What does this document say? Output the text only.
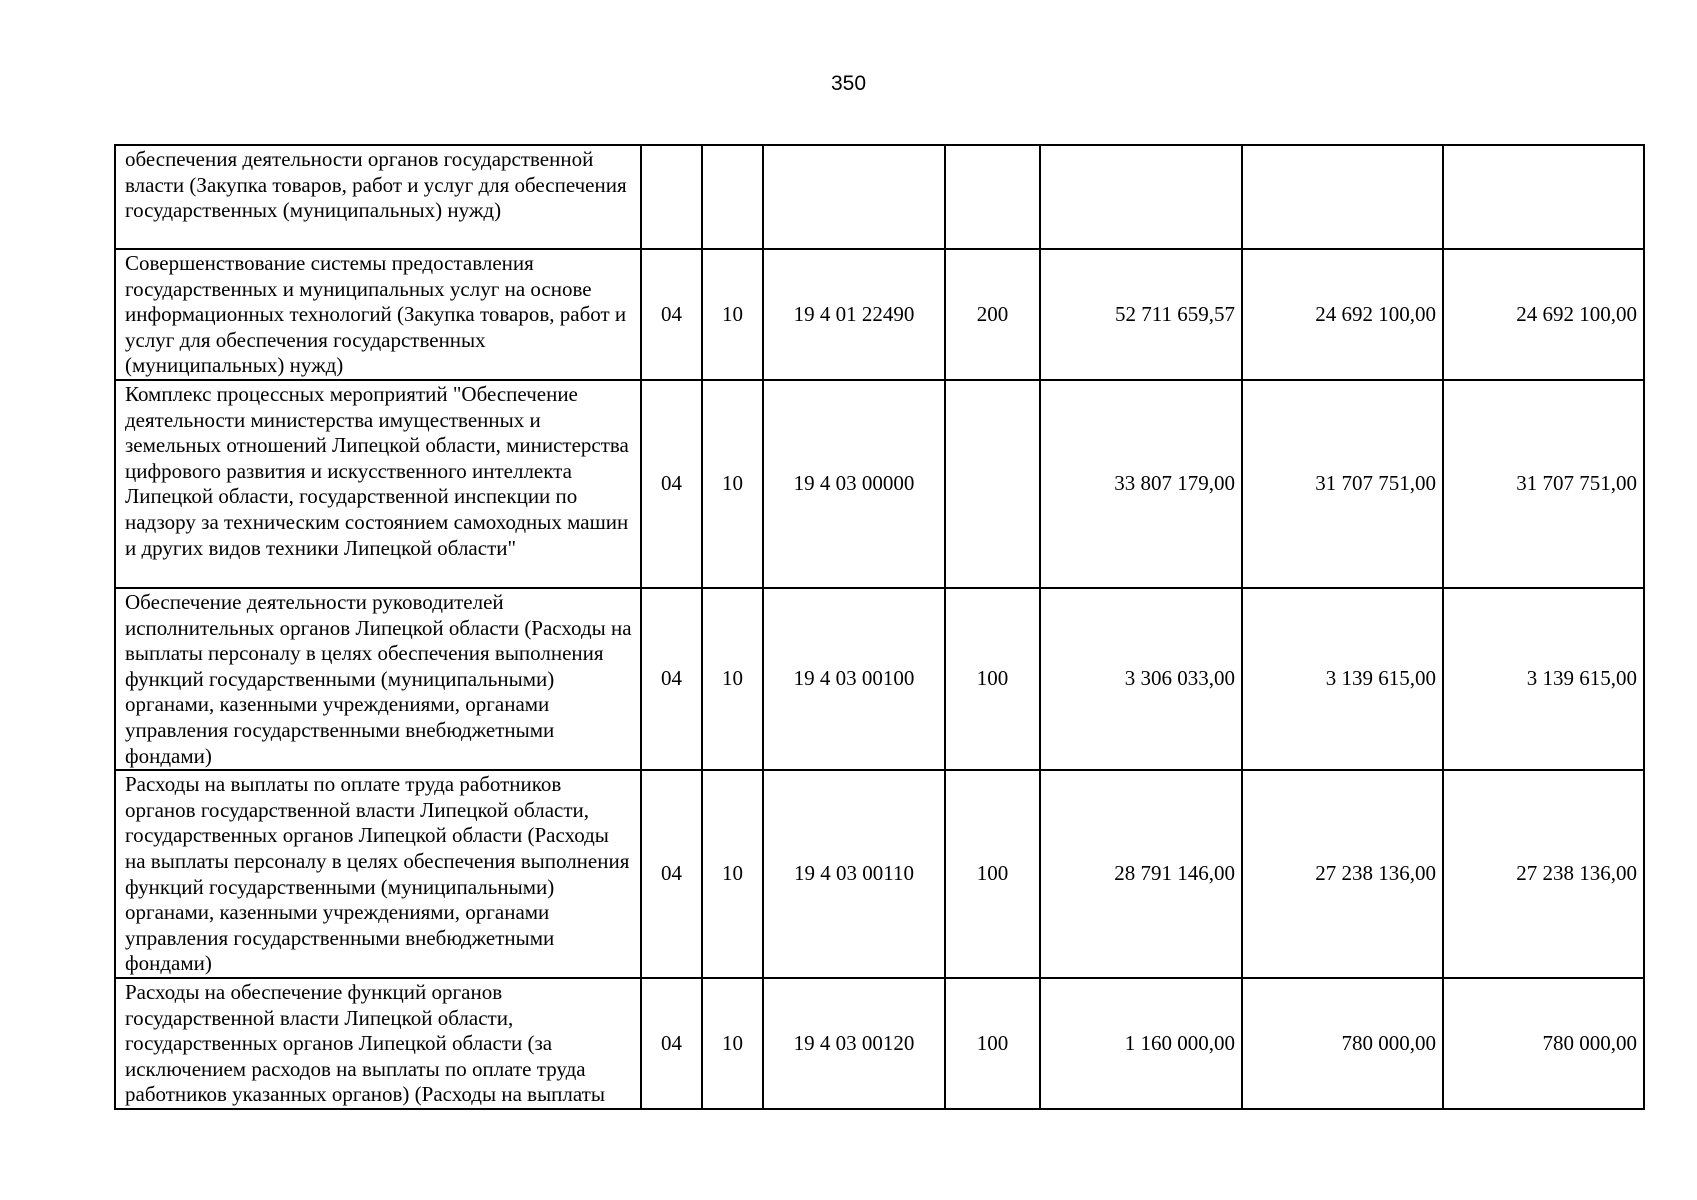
350
обеспечения деятельности органов государственной власти (Закупка товаров, работ и услуг для обеспечения государственных (муниципальных) нужд)							
Совершенствование системы предоставления государственных и муниципальных услуг на основе информационных технологий (Закупка товаров, работ и услуг для обеспечения государственных (муниципальных) нужд)	04	10	19 4 01 22490	200	52 711 659,57	24 692 100,00	24 692 100,00
Комплекс процессных мероприятий "Обеспечение деятельности министерства имущественных и земельных отношений Липецкой области, министерства цифрового развития и искусственного интеллекта Липецкой области, государственной инспекции по надзору за техническим состоянием самоходных машин и других видов техники Липецкой области"	04	10	19 4 03 00000		33 807 179,00	31 707 751,00	31 707 751,00
Обеспечение деятельности руководителей исполнительных органов Липецкой области (Расходы на выплаты персоналу в целях обеспечения выполнения функций государственными (муниципальными) органами, казенными учреждениями, органами управления государственными внебюджетными фондами)	04	10	19 4 03 00100	100	3 306 033,00	3 139 615,00	3 139 615,00
Расходы на выплаты по оплате труда работников органов государственной власти Липецкой области, государственных органов Липецкой области (Расходы на выплаты персоналу в целях обеспечения выполнения функций государственными (муниципальными) органами, казенными учреждениями, органами управления государственными внебюджетными фондами)	04	10	19 4 03 00110	100	28 791 146,00	27 238 136,00	27 238 136,00
Расходы на обеспечение функций органов государственной власти Липецкой области, государственных органов Липецкой области (за исключением расходов на выплаты по оплате труда работников указанных органов) (Расходы на выплаты	04	10	19 4 03 00120	100	1 160 000,00	780 000,00	780 000,00
